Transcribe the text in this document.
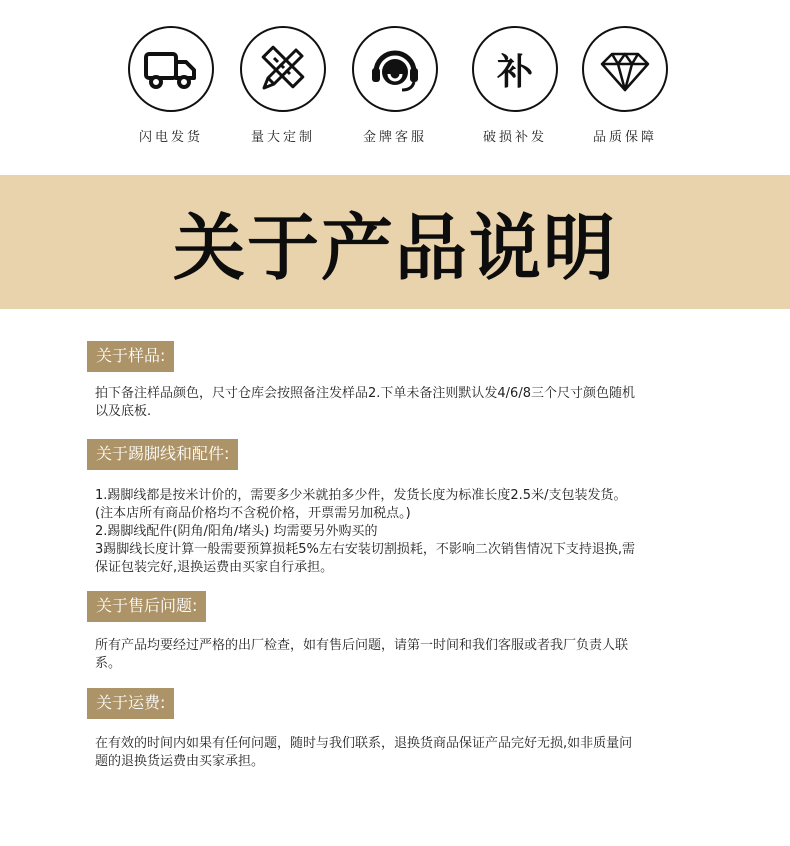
闪电发货	量大定制	金牌客服
补
破损补发	品质保障
关于产品说明
关于样品:
拍下备注样品颜色，尺寸仓库会按照备注发样品2.下单未备注则默认发4/6/8三个尺寸颜色随机
以及底板.
关于踢脚线和配件:
1.踢脚线都是按米计价的，需要多少米就拍多少件，发货长度为标准长度2.5米/支包装发货。
(注本店所有商品价格均不含税价格，开票需另加税点。)
2.踢脚线配件(阴角/阳角/堵头) 均需要另外购买的
3踢脚线长度计算一般需要预算损耗5%左右安装切割损耗，不影响二次销售情况下支持退换,需
保证包装完好,退换运费由买家自行承担。
关于售后问题:
所有产品均要经过严格的出厂检查，如有售后问题，请第一时间和我们客服或者我厂负责人联
系。
关于运费:
在有效的时间内如果有任何问题，随时与我们联系，退换货商品保证产品完好无损,如非质量问
题的退换货运费由买家承担。
